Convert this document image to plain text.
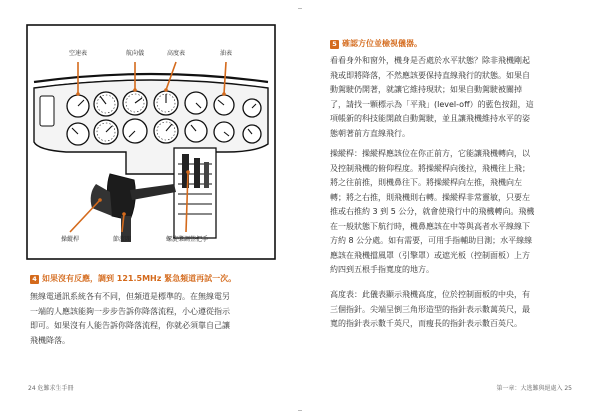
空速表	航向儀	高度表	油表
操縱桿	節流閥	螺旋槳調整把手
4 如果沒有反應，調到 121.5MHz 緊急頻道再試一次。
無線電通訊系統各有不同，但頻道是標準的。在無線電另
一端的人應該能夠一步步告訴你降落流程，小心遵從指示
即可。如果沒有人能告訴你降落流程，你就必須靠自己讓
飛機降落。
24 危難求生手冊
5 確認方位並檢視儀器。
看看身外和窗外，機身是否處於水平狀態？除非飛機剛起
飛或即將降落，不然應該要保持直線飛行的狀態。如果自
動駕駛仍開著，就讓它維持現狀；如果自動駕駛被關掉
了，請找一顆標示為「平飛」(level-off）的藍色按鈕，這
項帳新的科技能開啟自動駕駛，並且讓飛機維持水平的姿
態朝著前方直線飛行。
操縱桿：操縱桿應該位在你正前方，它能讓飛機轉向，以
及控制飛機的俯仰程度。將操縱桿向後拉，飛機往上飛；
將之往前推，則機鼻往下。將操縱桿向左推，飛機向左
轉；將之右推，則飛機則右轉。操縱桿非常靈敏，只要左
推或右推約 3 到 5 公分，就會使飛行中的飛機轉向。飛機
在一般狀態下航行時，機鼻應該在中等與高者水平線線下
方約 8 公分處。如有需要，可用手指輔助目測；水平線線
應該在飛機擋風罩（引擎罩）或遮光板（控制面板）上方
約四到五根手指寬度的地方。
高度表：此儀表顯示飛機高度，位於控制面板的中央，有
三個指針。尖端呈倒三角形造型的指針表示數萬英尺，最
寬的指針表示數千英尺，而瘦長的指針表示數百英尺。
第一章：大逃難與絕處入 25
